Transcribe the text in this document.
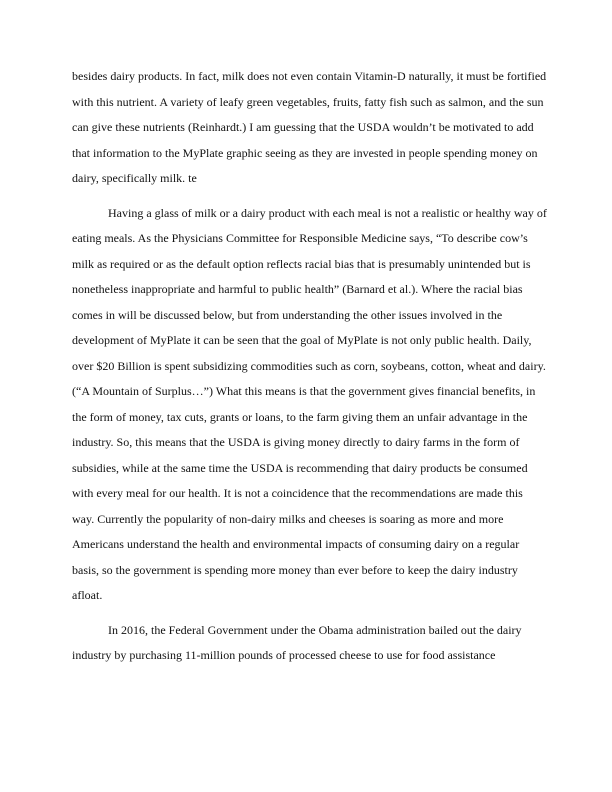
besides dairy products. In fact, milk does not even contain Vitamin-D naturally, it must be fortified with this nutrient. A variety of leafy green vegetables, fruits, fatty fish such as salmon, and the sun can give these nutrients (Reinhardt.) I am guessing that the USDA wouldn’t be motivated to add that information to the MyPlate graphic seeing as they are invested in people spending money on dairy, specifically milk. te

Having a glass of milk or a dairy product with each meal is not a realistic or healthy way of eating meals. As the Physicians Committee for Responsible Medicine says, “To describe cow’s milk as required or as the default option reflects racial bias that is presumably unintended but is nonetheless inappropriate and harmful to public health” (Barnard et al.). Where the racial bias comes in will be discussed below, but from understanding the other issues involved in the development of MyPlate it can be seen that the goal of MyPlate is not only public health. Daily, over $20 Billion is spent subsidizing commodities such as corn, soybeans, cotton, wheat and dairy. (“A Mountain of Surplus…”) What this means is that the government gives financial benefits, in the form of money, tax cuts, grants or loans, to the farm giving them an unfair advantage in the industry. So, this means that the USDA is giving money directly to dairy farms in the form of subsidies, while at the same time the USDA is recommending that dairy products be consumed with every meal for our health. It is not a coincidence that the recommendations are made this way. Currently the popularity of non-dairy milks and cheeses is soaring as more and more Americans understand the health and environmental impacts of consuming dairy on a regular basis, so the government is spending more money than ever before to keep the dairy industry afloat.

In 2016, the Federal Government under the Obama administration bailed out the dairy industry by purchasing 11-million pounds of processed cheese to use for food assistance
